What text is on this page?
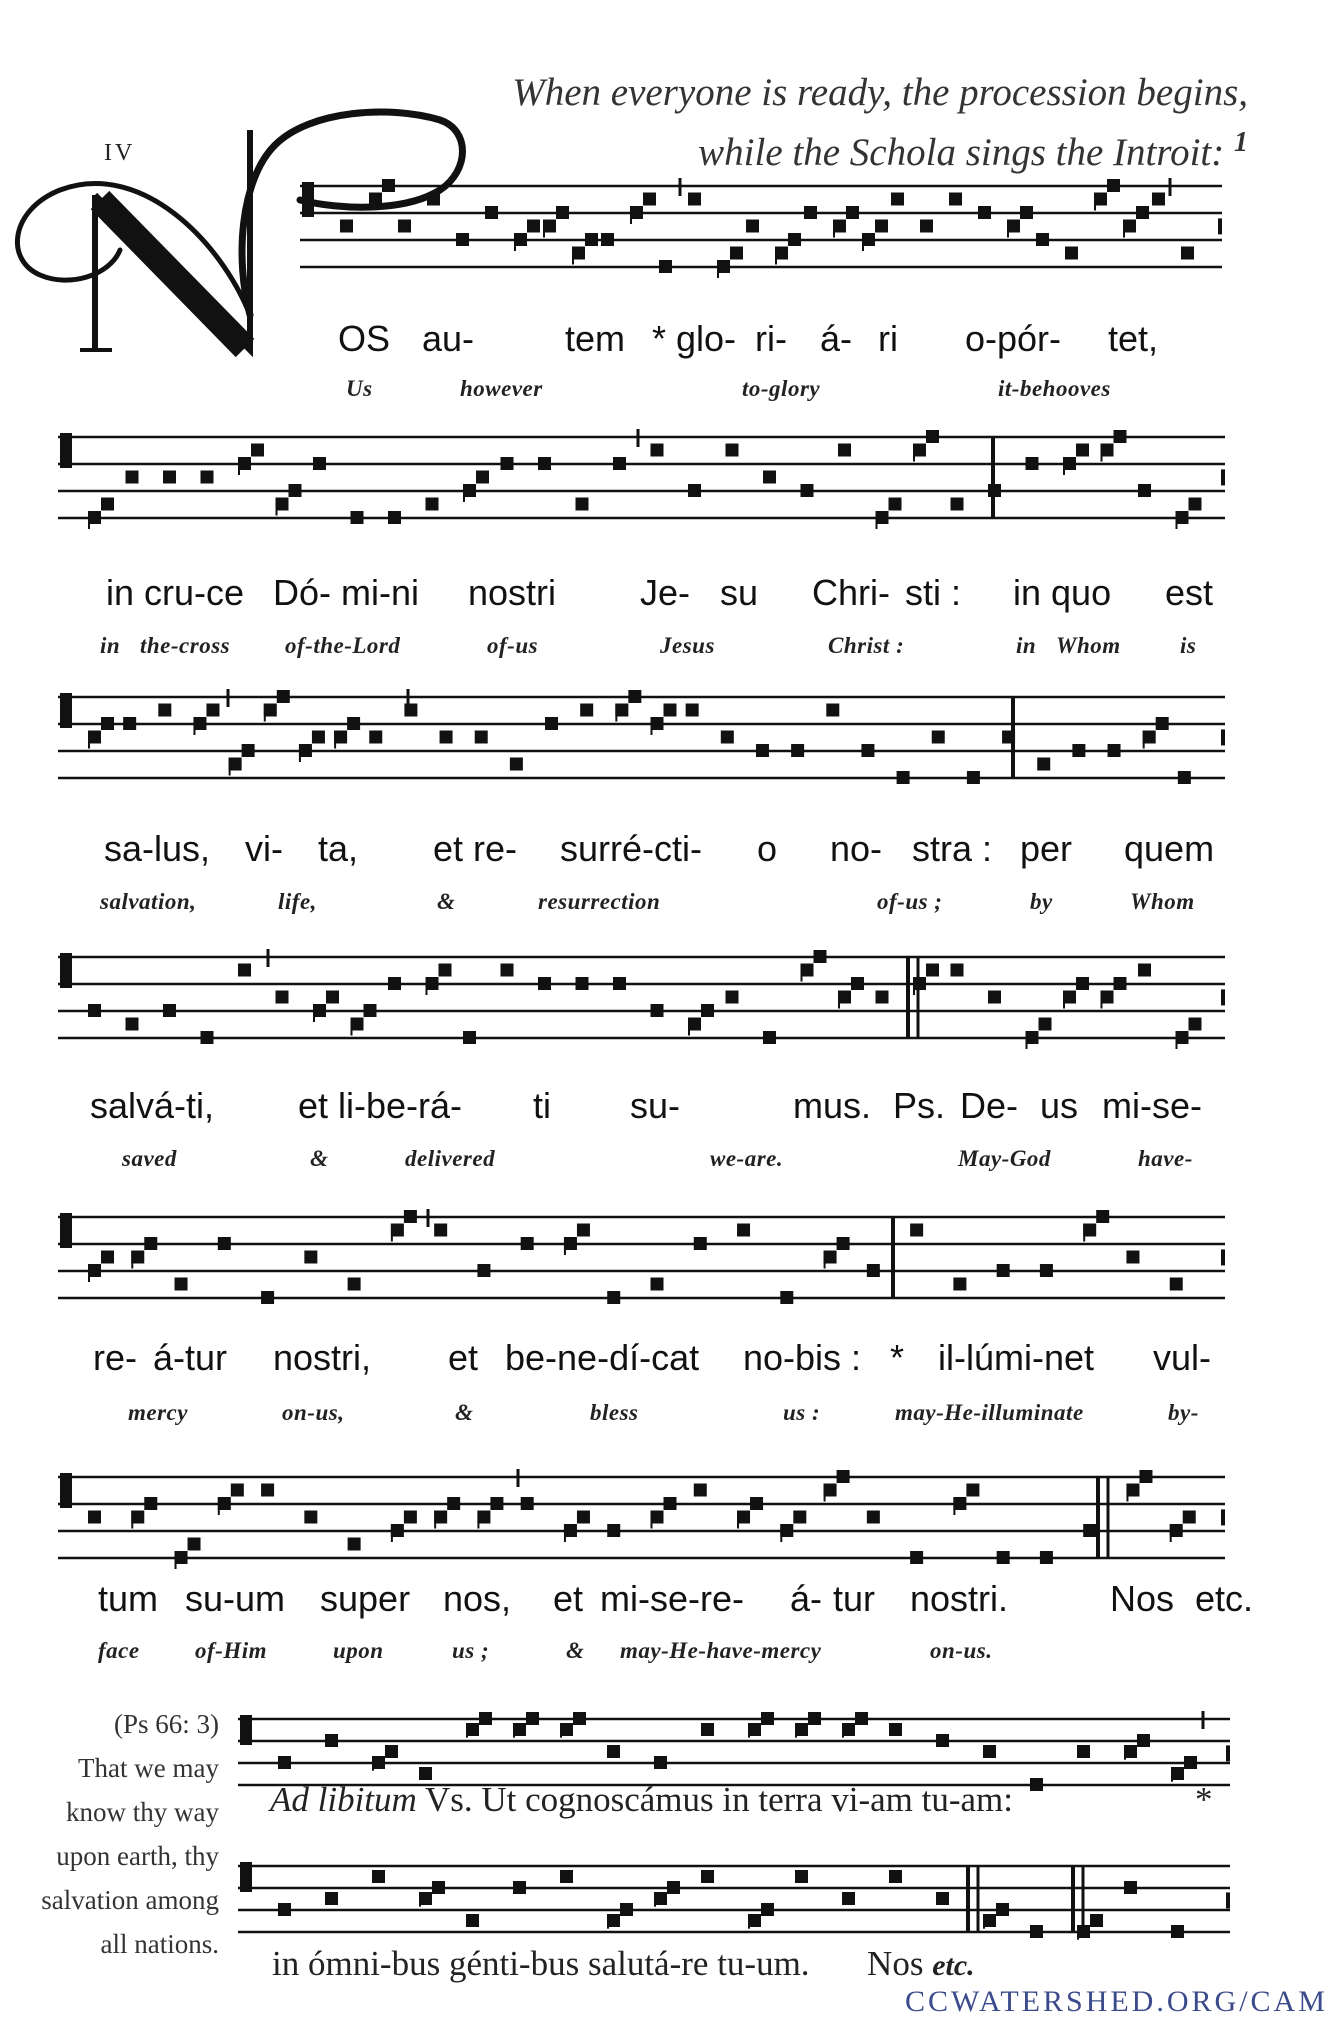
IV
When everyone is ready, the procession begins,
while the Schola sings the Introit: $^1$
OS au-	tem * glo- ri- á- ri o-pór- tet,
Us	however	to-glory	it-behooves
in cru-ce Dó- mi-ni nostri Je- su Chri- sti : in quo est
in the-cross of-the-Lord	of-us	Jesus	Christ :	in Whom	is
sa-lus, vi- ta, et re- surré-cti- o no- stra : per quem
salvation,	life,	&	resurrection	of-us ;	by	Whom
salvá-ti, et li-be-rá- ti su-	mus. Ps. De- us mi-se-
saved	&	delivered	we-are.	May-God	have-
re- á-tur nostri, et be-ne-dí-cat no-bis : * il-lúmi-net vul-
mercy	on-us,	&	bless	us :	may-He-illuminate	by-
tum su-um super nos, et mi-se-re- á- tur nostri.	Nos etc.
face of-Him	upon	us ;	& may-He-have-mercy	on-us.
(Ps 66: 3)
That we may
know thy way
upon earth, thy
salvation among
all nations.
Ad libitum Vs. Ut cognoscámus in terra vi-am tu-am:	*
in ómni-bus génti-bus salutá-re tu-um. Nos etc.
CCWATERSHED.ORG/CAM
